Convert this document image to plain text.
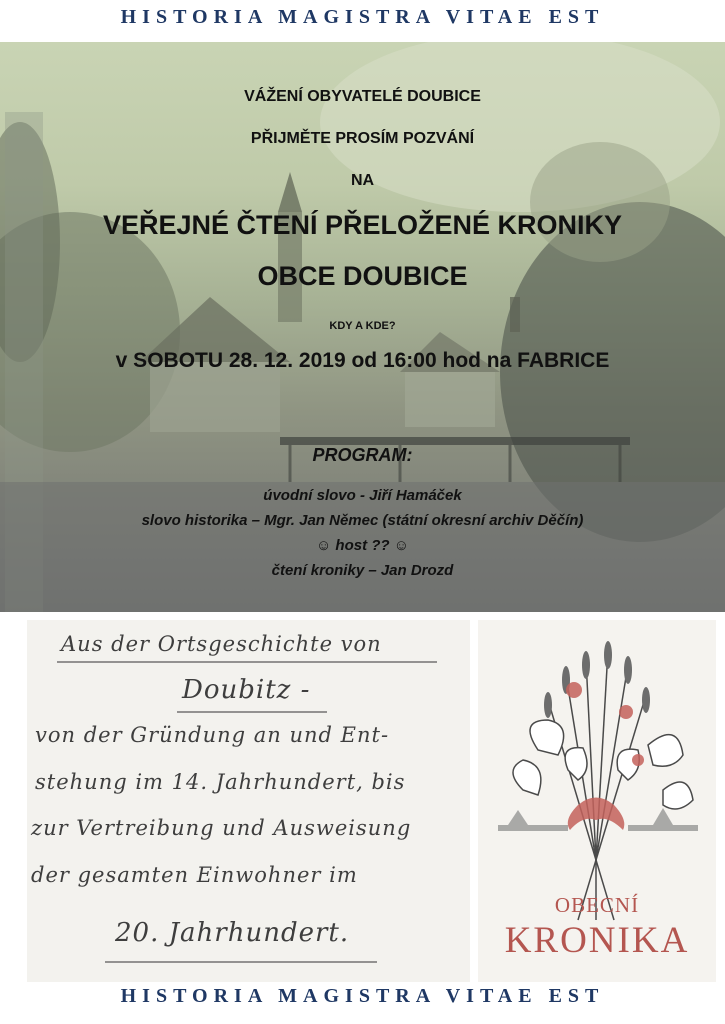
HISTORIA MAGISTRA VITAE EST
VÁŽENÍ OBYVATELÉ DOUBICE
PŘIJMĚTE PROSÍM POZVÁNÍ
NA
VEŘEJNÉ ČTENÍ PŘELOŽENÉ KRONIKY
OBCE DOUBICE
KDY A KDE?
v SOBOTU 28. 12. 2019 od 16:00 hod na FABRICE
PROGRAM:
úvodní slovo - Jiří Hamáček
slovo historika – Mgr. Jan Němec (státní okresní archiv Děčín)
☺ host ?? ☺
čtení kroniky – Jan Drozd
Aus der Ortsgeschichte von
Doubitz -
von der Gründung an und Ent-
stehung im 14. Jahrhundert, bis
zur Vertreibung und Ausweisung
der gesamten Einwohner im
20. Jahrhundert.
OBECNÍ
KRONIKA
HISTORIA MAGISTRA VITAE EST
